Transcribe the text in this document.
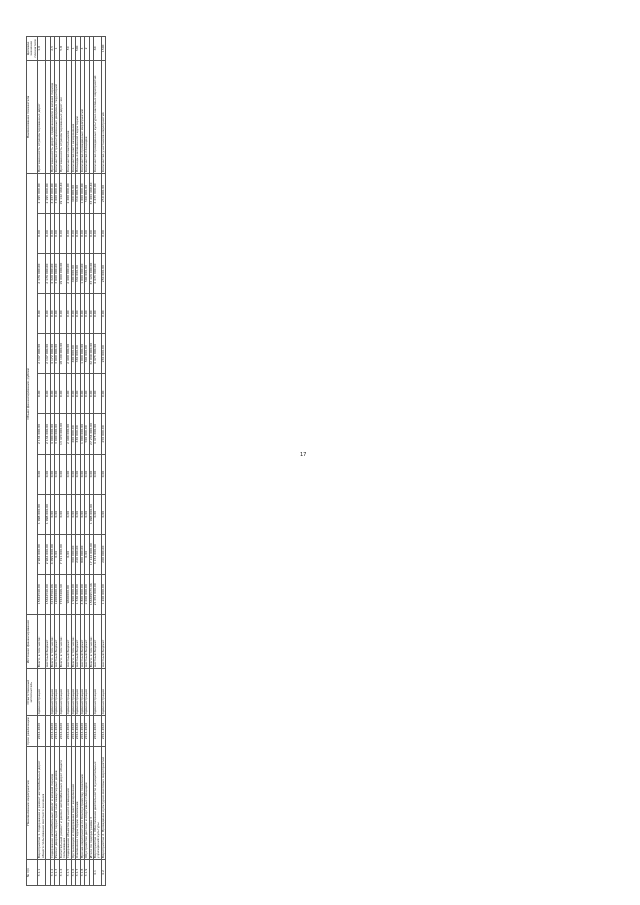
17
№ п/п	Наименование мероприятия	Срок реализации	Ответственный исполнитель	Источник финансирования	Объем финансирования, рублей											Наименование показателя	Целевое значение показателя
3.1.1	Мероприятие 1. Содержание и ремонт автомобильных дорог общего пользования местного значения	2014-2020	Администрация	Всего, в том числе:	15642540,00	2 964 000,00	1 998 000,00	0,00	2 134 000,00	0,00	2 147 000,00	0,00	2 176 000,00	0,00	2 195 000,00	Протяженность отремонтированных дорог	1,0
				местный бюджет	15642540,00	2 964 000,00	1 998 000,00	0,00	2 134 000,00	0,00	2 147 000,00	0,00	2 176 000,00	0,00	2 195 000,00		
3.1.2	Содержание автомобильных дорог в зимний период	2014-2020	Администрация	Всего, в том числе:	31733564,06	4 099 000,00	0,00	0,00	4 000 000,00	0,00	4 172 000,00	0,00	4 320 000,00	0,00	4 437 000,00	Протяженность дорог, содержащихся в зимний период	2,5
3.1.3	Ремонт дворовых территорий многоквартирных домов	2014-2020	Администрация	местный бюджет	12000000,00	0,00	0,00	0,00	3 000 000,00	0,00	3 000 000,00	0,00	3 000 000,00	0,00	3 000 000,00	Количество отремонтированных дворовых территорий	1
3.1.4	Капитальный ремонт и ремонт автомобильных дорог общего пользования	2014-2020	Администрация	Всего, в том числе:	77433469,40	7 721 000,00	0,00	0,00	13 470 000,00	0,00	18 100 000,00	0,00	19 000 000,00	0,00	19 142 469,40	Протяженность отремонтированных дорог, км	5,8
3.1.5	Содержание объектов уличного освещения	2014-2020	Администрация	местный бюджет	9600000,00	0,00	0,00	0,00	2 400 000,00	0,00	2 400 000,00	0,00	2 400 000,00	0,00	2 400 000,00	Количество светильников	50
3.1.6	Организация и содержание мест захоронения	2014-2020	Администрация	Всего, в том числе:	1 900 000,00	300 000,00	0,00	0,00	400 000,00	0,00	400 000,00	0,00	400 000,00	0,00	400 000,00	Количество мест захоронения	1
3.1.7	Озеленение территории поселения	2014-2020	Администрация	местный бюджет	1 560 000,00	240 000,00	0,00	0,00	330 000,00	0,00	330 000,00	0,00	330 000,00	0,00	330 000,00	Площадь озелененной территории	500
3.1.8	Прочие мероприятия по благоустройству поселения	2014-2020	Администрация	местный бюджет	4 800 000,00	800 000,00	0,00	0,00	1 000 000,00	0,00	1 000 000,00	0,00	1 000 000,00	0,00	1 000 000,00	Количество проведенных мероприятий	4
3.1.9	Обустройство детских и спортивных площадок	2014-2020	Администрация	местный бюджет	2 000 000,00	0,00	0,00	0,00	500 000,00	0,00	500 000,00	0,00	500 000,00	0,00	500 000,00	Количество площадок	2
	Итого по подпрограмме 3			Всего, в том числе:	156669573,46	17 124 000,00	1 998 000,00	0,00	27 234 000,00	0,00	32 049 000,00	0,00	33 126 000,00	0,00	33 404 469,40		
4.1	Мероприятие 1. Обеспечение деятельности муниципальных учреждений культуры	2014-2020	Администрация	местный бюджет	21 052 000,00	3 152 000,00	0,00	0,00	4 475 000,00	0,00	4 475 000,00	0,00	4 475 000,00	0,00	4 475 000,00	Количество проведенных культурно-массовых мероприятий	60
4.2	Мероприятие 2. Проведение культурно-массовых мероприятий	2014-2020	Администрация	местный бюджет	1 200 000,00	200 000,00	0,00	0,00	250 000,00	0,00	250 000,00	0,00	250 000,00	0,00	250 000,00	Количество участников мероприятий	1500
